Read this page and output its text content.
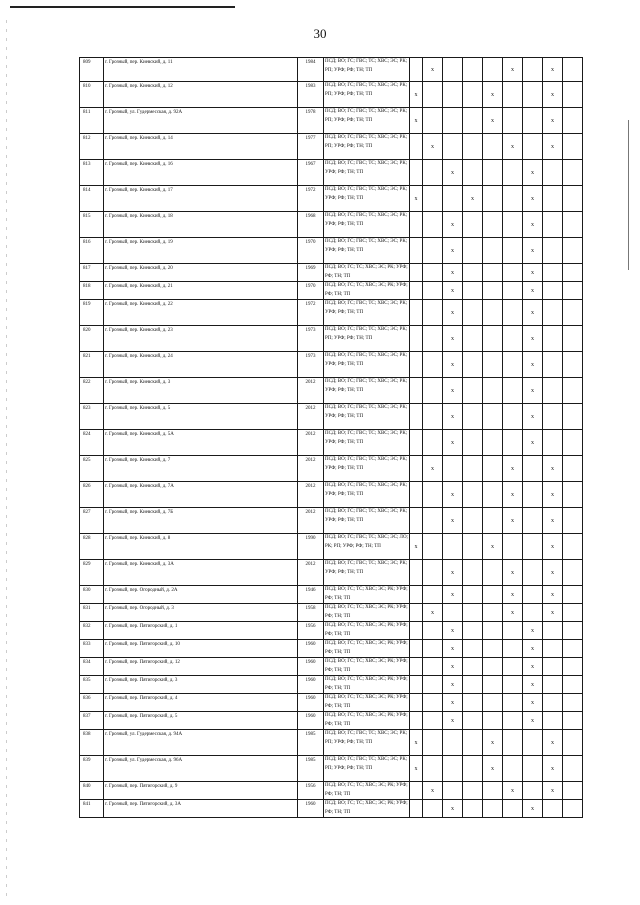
30
809	г. Грозный, пер. Киевский, д. 11	1984	ПСД; ВО; ГС; ГВС; ТС; ХВС; ЭС; РК; РП; УРФ; РФ; ТН; ТП		x				x		x	
810	г. Грозный, пер. Киевский, д. 12	1983	ПСД; ВО; ГС; ГВС; ТС; ХВС; ЭС; РК; РП; УРФ; РФ; ТН; ТП	x				x			x	
811	г. Грозный, ул. Гудермесская, д. 92А	1978	ПСД; ВО; ГС; ГВС; ТС; ХВС; ЭС; РК; РП; УРФ; РФ; ТН; ТП	x				x			x	
812	г. Грозный, пер. Киевский, д. 14	1977	ПСД; ВО; ГС; ГВС; ТС; ХВС; ЭС; РК; РП; УРФ; РФ; ТН; ТП		x				x		x	
813	г. Грозный, пер. Киевский, д. 16	1967	ПСД; ВО; ГС; ГВС; ТС; ХВС; ЭС; РК; УРФ; РФ; ТН; ТП			x				x		
814	г. Грозный, пер. Киевский, д. 17	1972	ПСД; ВО; ГС; ГВС; ТС; ХВС; ЭС; РК; УРФ; РФ; ТН; ТП	x			x			x		
815	г. Грозный, пер. Киевский, д. 18	1968	ПСД; ВО; ГС; ГВС; ТС; ХВС; ЭС; РК; УРФ; РФ; ТН; ТП			x				x		
816	г. Грозный, пер. Киевский, д. 19	1970	ПСД; ВО; ГС; ГВС; ТС; ХВС; ЭС; РК; УРФ; РФ; ТН; ТП			x				x		
817	г. Грозный, пер. Киевский, д. 20	1969	ПСД; ВО; ГС; ТС; ХВС; ЭС; РК; УРФ; РФ; ТН; ТП			x				x		
818	г. Грозный, пер. Киевский, д. 21	1970	ПСД; ВО; ГС; ТС; ХВС; ЭС; РК; УРФ; РФ; ТН; ТП			x				x		
819	г. Грозный, пер. Киевский, д. 22	1972	ПСД; ВО; ГС; ГВС; ТС; ХВС; ЭС; РК; УРФ; РФ; ТН; ТП			x				x		
820	г. Грозный, пер. Киевский, д. 23	1973	ПСД; ВО; ГС; ГВС; ТС; ХВС; ЭС; РК; РП; УРФ; РФ; ТН; ТП			x				x		
821	г. Грозный, пер. Киевский, д. 24	1973	ПСД; ВО; ГС; ГВС; ТС; ХВС; ЭС; РК; УРФ; РФ; ТН; ТП			x				x		
822	г. Грозный, пер. Киевский, д. 3	2012	ПСД; ВО; ГС; ГВС; ТС; ХВС; ЭС; РК; УРФ; РФ; ТН; ТП			x				x		
823	г. Грозный, пер. Киевский, д. 5	2012	ПСД; ВО; ГС; ГВС; ТС; ХВС; ЭС; РК; УРФ; РФ; ТН; ТП			x				x		
824	г. Грозный, пер. Киевский, д. 5А	2012	ПСД; ВО; ГС; ГВС; ТС; ХВС; ЭС; РК; УРФ; РФ; ТН; ТП			x				x		
825	г. Грозный, пер. Киевский, д. 7	2012	ПСД; ВО; ГС; ГВС; ТС; ХВС; ЭС; РК; УРФ; РФ; ТН; ТП		x				x		x	
826	г. Грозный, пер. Киевский, д. 7А	2012	ПСД; ВО; ГС; ГВС; ТС; ХВС; ЭС; РК; УРФ; РФ; ТН; ТП			x			x		x	
827	г. Грозный, пер. Киевский, д. 7Б	2012	ПСД; ВО; ГС; ГВС; ТС; ХВС; ЭС; РК; УРФ; РФ; ТН; ТП			x			x		x	
828	г. Грозный, пер. Киевский, д. 8	1990	ПСД; ВО; ГС; ГВС; ТС; ХВС; ЭС; ЛО; РК; РП; УРФ; РФ; ТН; ТП	x				x			x	
829	г. Грозный, пер. Киевский, д. 3А	2012	ПСД; ВО; ГС; ГВС; ТС; ХВС; ЭС; РК; УРФ; РФ; ТН; ТП			x			x		x	
830	г. Грозный, пер. Огородный, д. 2А	1946	ПСД; ВО; ГС; ТС; ХВС; ЭС; РК; УРФ; РФ; ТН; ТП			x			x		x	
831	г. Грозный, пер. Огородный, д. 3	1958	ПСД; ВО; ГС; ТС; ХВС; ЭС; РК; УРФ; РФ; ТН; ТП		x				x		x	
832	г. Грозный, пер. Пятигорский, д. 1	1956	ПСД; ВО; ГС; ТС; ХВС; ЭС; РК; УРФ; РФ; ТН; ТП			x				x		
833	г. Грозный, пер. Пятигорский, д. 10	1960	ПСД; ВО; ГС; ТС; ХВС; ЭС; РК; УРФ; РФ; ТН; ТП			x				x		
834	г. Грозный, пер. Пятигорский, д. 12	1960	ПСД; ВО; ГС; ТС; ХВС; ЭС; РК; УРФ; РФ; ТН; ТП			x				x		
835	г. Грозный, пер. Пятигорский, д. 3	1960	ПСД; ВО; ГС; ТС; ХВС; ЭС; РК; УРФ; РФ; ТН; ТП			x				x		
836	г. Грозный, пер. Пятигорский, д. 4	1960	ПСД; ВО; ГС; ТС; ХВС; ЭС; РК; УРФ; РФ; ТН; ТП			x				x		
837	г. Грозный, пер. Пятигорский, д. 5	1960	ПСД; ВО; ГС; ТС; ХВС; ЭС; РК; УРФ; РФ; ТН; ТП			x				x		
838	г. Грозный, ул. Гудермесская, д. 94А	1985	ПСД; ВО; ГС; ГВС; ТС; ХВС; ЭС; РК; РП; УРФ; РФ; ТН; ТП	x				x			x	
839	г. Грозный, ул. Гудермесская, д. 96А	1985	ПСД; ВО; ГС; ГВС; ТС; ХВС; ЭС; РК; РП; УРФ; РФ; ТН; ТП	x				x			x	
840	г. Грозный, пер. Пятигорский, д. 9	1956	ПСД; ВО; ГС; ТС; ХВС; ЭС; РК; УРФ; РФ; ТН; ТП		x				x		x	
841	г. Грозный, пер. Пятигорский, д. 3А	1960	ПСД; ВО; ГС; ТС; ХВС; ЭС; РК; УРФ; РФ; ТН; ТП			x				x		
